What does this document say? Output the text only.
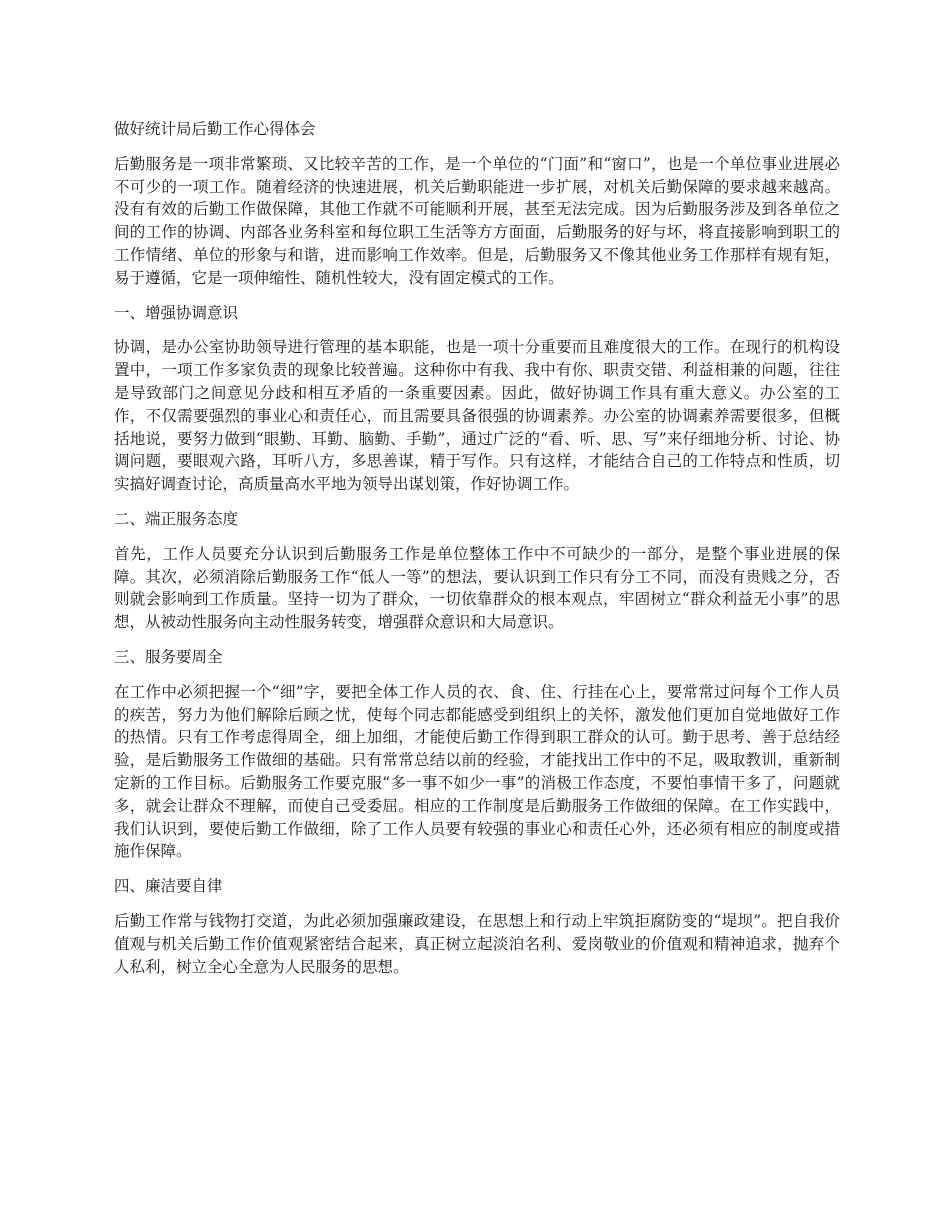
做好统计局后勤工作心得体会

后勤服务是一项非常繁琐、又比较辛苦的工作，是一个单位的“门面”和“窗口”，也是一个单位事业进展必不可少的一项工作。随着经济的快速进展，机关后勤职能进一步扩展，对机关后勤保障的要求越来越高。没有有效的后勤工作做保障，其他工作就不可能顺利开展，甚至无法完成。因为后勤服务涉及到各单位之间的工作的协调、内部各业务科室和每位职工生活等方方面面，后勤服务的好与坏，将直接影响到职工的工作情绪、单位的形象与和谐，进而影响工作效率。但是，后勤服务又不像其他业务工作那样有规有矩，易于遵循，它是一项伸缩性、随机性较大，没有固定模式的工作。

一、增强协调意识

协调，是办公室协助领导进行管理的基本职能，也是一项十分重要而且难度很大的工作。在现行的机构设置中，一项工作多家负责的现象比较普遍。这种你中有我、我中有你、职责交错、利益相兼的问题，往往是导致部门之间意见分歧和相互矛盾的一条重要因素。因此，做好协调工作具有重大意义。办公室的工作，不仅需要强烈的事业心和责任心，而且需要具备很强的协调素养。办公室的协调素养需要很多，但概括地说，要努力做到“眼勤、耳勤、脑勤、手勤”，通过广泛的“看、听、思、写”来仔细地分析、讨论、协调问题，要眼观六路，耳听八方，多思善谋，精于写作。只有这样，才能结合自己的工作特点和性质，切实搞好调查讨论，高质量高水平地为领导出谋划策，作好协调工作。

二、端正服务态度

首先，工作人员要充分认识到后勤服务工作是单位整体工作中不可缺少的一部分，是整个事业进展的保障。其次，必须消除后勤服务工作“低人一等”的想法，要认识到工作只有分工不同，而没有贵贱之分，否则就会影响到工作质量。坚持一切为了群众，一切依靠群众的根本观点，牢固树立“群众利益无小事”的思想，从被动性服务向主动性服务转变，增强群众意识和大局意识。

三、服务要周全

在工作中必须把握一个“细”字，要把全体工作人员的衣、食、住、行挂在心上，要常常过问每个工作人员的疾苦，努力为他们解除后顾之忧，使每个同志都能感受到组织上的关怀，激发他们更加自觉地做好工作的热情。只有工作考虑得周全，细上加细，才能使后勤工作得到职工群众的认可。勤于思考、善于总结经验，是后勤服务工作做细的基础。只有常常总结以前的经验，才能找出工作中的不足，吸取教训，重新制定新的工作目标。后勤服务工作要克服“多一事不如少一事”的消极工作态度，不要怕事情干多了，问题就多，就会让群众不理解，而使自己受委屈。相应的工作制度是后勤服务工作做细的保障。在工作实践中，我们认识到，要使后勤工作做细，除了工作人员要有较强的事业心和责任心外，还必须有相应的制度或措施作保障。

四、廉洁要自律

后勤工作常与钱物打交道，为此必须加强廉政建设，在思想上和行动上牢筑拒腐防变的“堤坝”。把自我价值观与机关后勤工作价值观紧密结合起来，真正树立起淡泊名利、爱岗敬业的价值观和精神追求，抛弃个人私利，树立全心全意为人民服务的思想。
